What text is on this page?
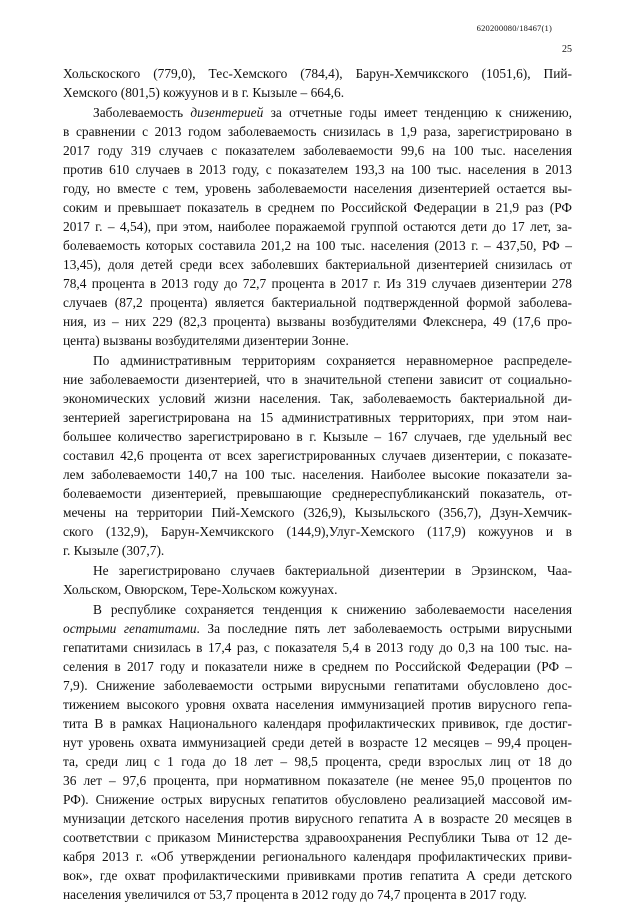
620200080/18467(1)
25
Хольскоского (779,0), Тес-Хемского (784,4), Барун-Хемчикского (1051,6), Пий-
Хемского (801,5) кожуунов и в г. Кызыле – 664,6.
Заболеваемость дизентерией за отчетные годы имеет тенденцию к снижению,
в сравнении с 2013 годом заболеваемость снизилась в 1,9 раза, зарегистрировано в
2017 году 319 случаев с показателем заболеваемости 99,6 на 100 тыс. населения
против 610 случаев в 2013 году, с показателем 193,3 на 100 тыс. населения в 2013
году, но вместе с тем, уровень заболеваемости населения дизентерией остается вы-
соким и превышает показатель в среднем по Российской Федерации в 21,9 раз (РФ
2017 г. – 4,54), при этом, наиболее поражаемой группой остаются дети до 17 лет, за-
болеваемость которых составила 201,2 на 100 тыс. населения (2013 г. – 437,50, РФ –
13,45), доля детей среди всех заболевших бактериальной дизентерией снизилась от
78,4 процента в 2013 году до 72,7 процента в 2017 г. Из 319 случаев дизентерии 278
случаев (87,2 процента) является бактериальной подтвержденной формой заболева-
ния, из – них 229 (82,3 процента) вызваны возбудителями Флекснера, 49 (17,6 про-
цента) вызваны возбудителями дизентерии Зонне.
По административным территориям сохраняется неравномерное распределе-
ние заболеваемости дизентерией, что в значительной степени зависит от социально-
экономических условий жизни населения. Так, заболеваемость бактериальной ди-
зентерией зарегистрирована на 15 административных территориях, при этом наи-
большее количество зарегистрировано в г. Кызыле – 167 случаев, где удельный вес
составил 42,6 процента от всех зарегистрированных случаев дизентерии, с показате-
лем заболеваемости 140,7 на 100 тыс. населения. Наиболее высокие показатели за-
болеваемости дизентерией, превышающие среднереспубликанский показатель, от-
мечены на территории Пий-Хемского (326,9), Кызыльского (356,7), Дзун-Хемчик-
ского (132,9), Барун-Хемчикского (144,9),Улуг-Хемского (117,9) кожуунов и в
г. Кызыле (307,7).
Не зарегистрировано случаев бактериальной дизентерии в Эрзинском, Чаа-
Хольском, Овюрском, Тере-Хольском кожуунах.
В республике сохраняется тенденция к снижению заболеваемости населения
острыми гепатитами. За последние пять лет заболеваемость острыми вирусными
гепатитами снизилась в 17,4 раз, с показателя 5,4 в 2013 году до 0,3 на 100 тыс. на-
селения в 2017 году и показатели ниже в среднем по Российской Федерации (РФ –
7,9). Снижение заболеваемости острыми вирусными гепатитами обусловлено дос-
тижением высокого уровня охвата населения иммунизацией против вирусного гепа-
тита В в рамках Национального календаря профилактических прививок, где достиг-
нут уровень охвата иммунизацией среди детей в возрасте 12 месяцев – 99,4 процен-
та, среди лиц с 1 года до 18 лет – 98,5 процента, среди взрослых лиц от 18 до
36 лет – 97,6 процента, при нормативном показателе (не менее 95,0 процентов по
РФ). Снижение острых вирусных гепатитов обусловлено реализацией массовой им-
мунизации детского населения против вирусного гепатита А в возрасте 20 месяцев в
соответствии с приказом Министерства здравоохранения Республики Тыва от 12 де-
кабря 2013 г. «Об утверждении регионального календаря профилактических приви-
вок», где охват профилактическими прививками против гепатита А среди детского
населения увеличился от 53,7 процента в 2012 году до 74,7 процента в 2017 году.
